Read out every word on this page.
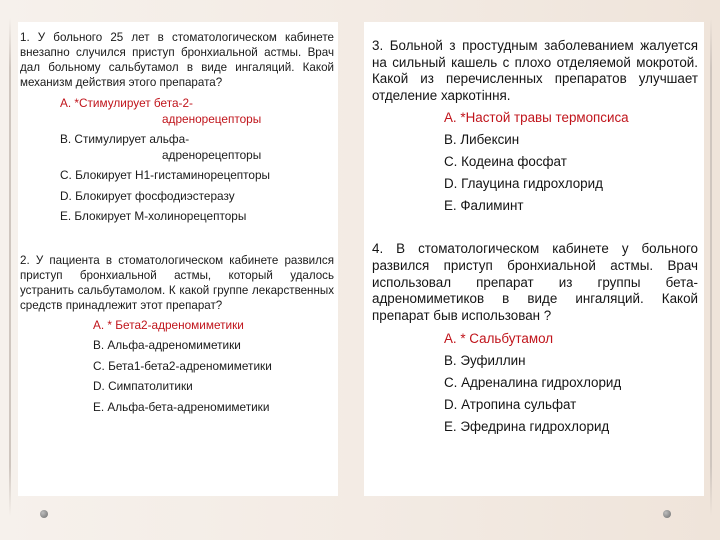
1. У больного 25 лет в стоматологическом кабинете внезапно случился приступ бронхиальной астмы. Врач дал больному сальбутамол в виде ингаляций. Какой механизм действия этого препарата?

A. *Стимулирует бета-2-
адренорецепторы
B. Стимулирует альфа-
адренорецепторы
C. Блокирует Н1-гистаминорецепторы
D. Блокирует фосфодиэстеразу
E. Блокирует М-холинорецепторы

2. У пациента в стоматологическом кабинете развился приступ бронхиальной астмы, который удалось устранить сальбутамолом. К какой группе лекарственных средств принадлежит этот препарат?

A. * Бета2-адреномиметики
B. Альфа-адреномиметики
C. Бета1-бета2-адреномиметики
D. Симпатолитики
E. Альфа-бета-адреномиметики

3. Больной з простудным заболеванием жалуется на сильный кашель с плохо отделяемой мокротой. Какой из перечисленных препаратов улучшает отделение харкотіння.

A. *Настой травы термопсиса
B. Либексин
C. Кодеина фосфат
D. Глауцина гидрохлорид
E. Фалиминт

4. В стоматологическом кабинете у больного развился приступ бронхиальной астмы. Врач использовал препарат из группы бета-адреномиметиков в виде ингаляций. Какой препарат быв использован ?

A. * Сальбутамол
B. Эуфиллин
C. Адреналина гидрохлорид
D. Атропина сульфат
E. Эфедрина гидрохлорид
